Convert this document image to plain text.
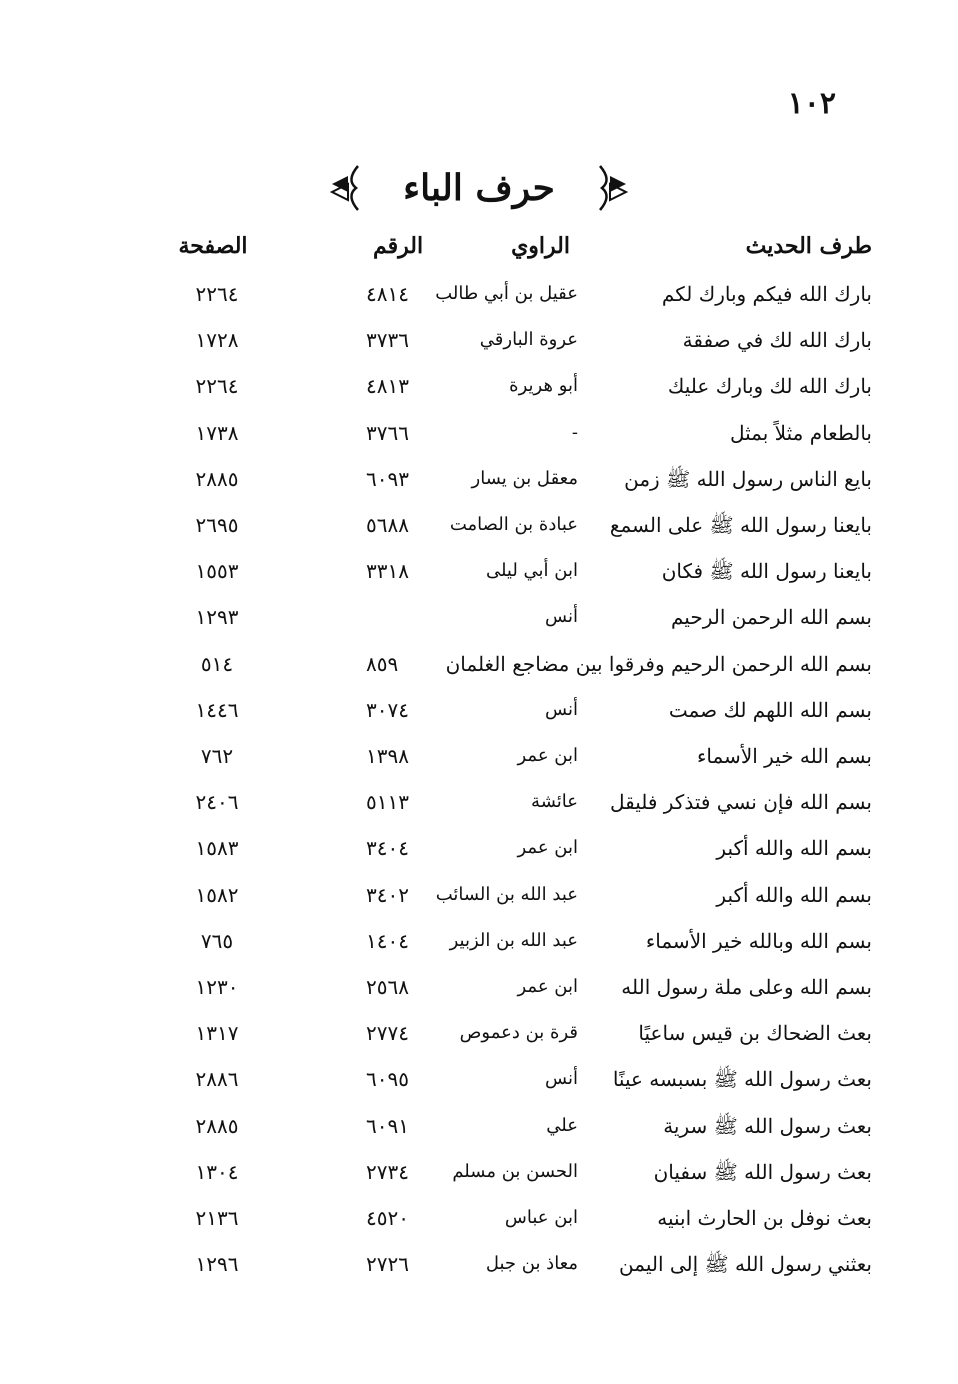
١٠٢
حرف الباء
طرف الحديث
الراوي
الرقم
الصفحة
بارك الله فيكم وبارك لكم
عقيل بن أبي طالب
٤٨١٤
٢٢٦٤
بارك الله لك في صفقة
عروة البارقي
٣٧٣٦
١٧٢٨
بارك الله لك وبارك عليك
أبو هريرة
٤٨١٣
٢٢٦٤
بالطعام مثلاً بمثل
-
٣٧٦٦
١٧٣٨
بايع الناس رسول الله ﷺ زمن
معقل بن يسار
٦٠٩٣
٢٨٨٥
بايعنا رسول الله ﷺ على السمع
عبادة بن الصامت
٥٦٨٨
٢٦٩٥
بايعنا رسول الله ﷺ فكان
ابن أبي ليلى
٣٣١٨
١٥٥٣
بسم الله الرحمن الرحيم
أنس
١٢٩٣
بسم الله الرحمن الرحيم وفرقوا بين مضاجع الغلمان
٨٥٩
٥١٤
بسم الله اللهم لك صمت
أنس
٣٠٧٤
١٤٤٦
بسم الله خير الأسماء
ابن عمر
١٣٩٨
٧٦٢
بسم الله فإن نسي فتذكر فليقل
عائشة
٥١١٣
٢٤٠٦
بسم الله والله أكبر
ابن عمر
٣٤٠٤
١٥٨٣
بسم الله والله أكبر
عبد الله بن السائب
٣٤٠٢
١٥٨٢
بسم الله وبالله خير الأسماء
عبد الله بن الزبير
١٤٠٤
٧٦٥
بسم الله وعلى ملة رسول الله
ابن عمر
٢٥٦٨
١٢٣٠
بعث الضحاك بن قيس ساعيًا
قرة بن دعموص
٢٧٧٤
١٣١٧
بعث رسول الله ﷺ بسبسه عينًا
أنس
٦٠٩٥
٢٨٨٦
بعث رسول الله ﷺ سرية
علي
٦٠٩١
٢٨٨٥
بعث رسول الله ﷺ سفيان
الحسن بن مسلم
٢٧٣٤
١٣٠٤
بعث نوفل بن الحارث ابنيه
ابن عباس
٤٥٢٠
٢١٣٦
بعثني رسول الله ﷺ إلى اليمن
معاذ بن جبل
٢٧٢٦
١٢٩٦
